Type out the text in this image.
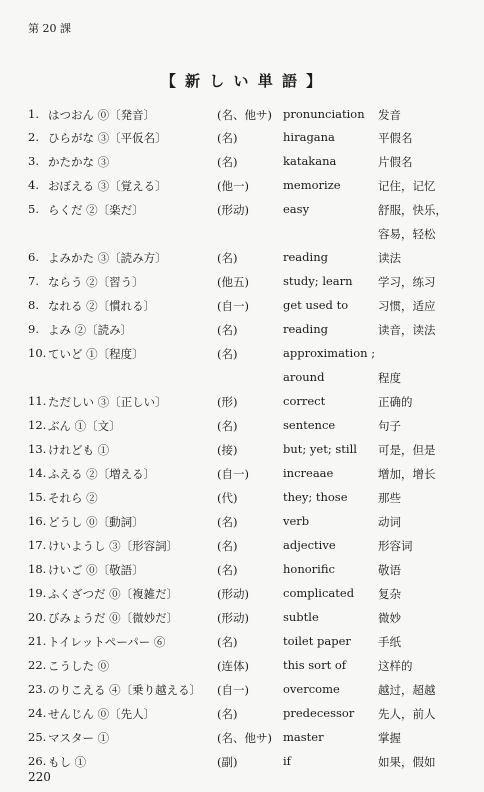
第 20 課
【 新 し い 単 語 】
1. はつおん ⓪〔発音〕	(名、他サ) pronunciation 发音
2. ひらがな ③〔平仮名〕	(名)	hiragana	平假名
3. かたかな ③	(名)	katakana	片假名
4. おぼえる ③〔覚える〕	(他一)	memorize	记住，记忆
5. らくだ ②〔楽だ〕	(形动)	easy	舒服，快乐，
容易，轻松
6. よみかた ③〔読み方〕	(名)	reading	读法
7. ならう ②〔習う〕	(他五)	study; learn 学习，练习
8. なれる ②〔慣れる〕	(自一)	get used to	习惯，适应
9. よみ ②〔読み〕	(名)	reading	读音，读法
10. ていど ①〔程度〕	(名)	approximation ;
around	程度
11. ただしい ③〔正しい〕	(形)	correct	正确的
12. ぶん ①〔文〕	(名)	sentence	句子
13. けれども ①	(接)	but; yet; still 可是，但是
14. ふえる ②〔増える〕	(自一)	increaae	增加，增长
15. それら ②	(代)	they; those	那些
16. どうし ⓪〔動詞〕	(名)	verb	动词
17. けいようし ③〔形容詞〕	(名)	adjective	形容词
18. けいご ⓪〔敬語〕	(名)	honorific	敬语
19. ふくざつだ ⓪〔複雑だ〕	(形动)	complicated 复杂
20. びみょうだ ⓪〔微妙だ〕	(形动)	subtle	微妙
21. トイレットペーパー ⑥	(名)	toilet paper 手纸
22. こうした ⓪	(连体)	this sort of	这样的
23. のりこえる ④〔乗り越える〕 (自一)	overcome	越过，超越
24. せんじん ⓪〔先人〕	(名)	predecessor 先人，前人
25. マスター ①	(名、他サ) master	掌握
26. もし ①	(副)	if	如果，假如
220
